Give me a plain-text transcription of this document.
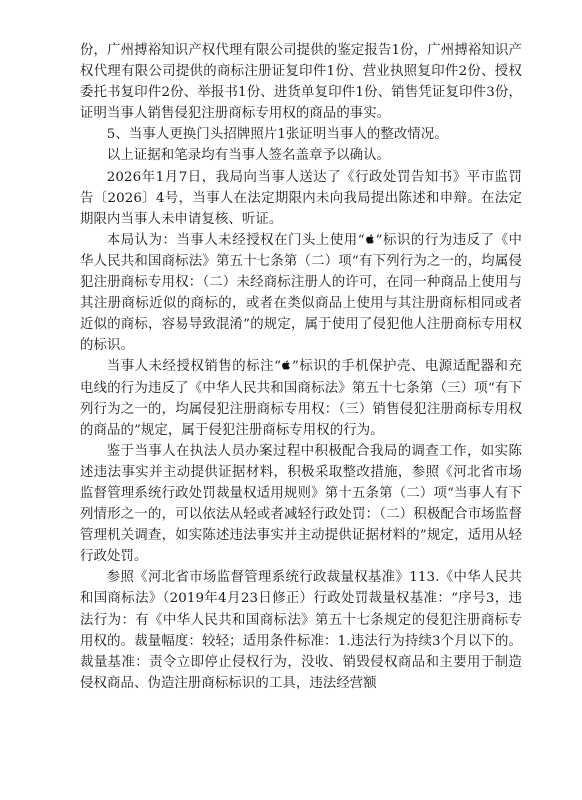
份，广州搏裕知识产权代理有限公司提供的鉴定报告1份，广州搏裕知识产权代理有限公司提供的商标注册证复印件1份、营业执照复印件2份、授权委托书复印件2份、举报书1份、进货单复印件1份、销售凭证复印件3份，证明当事人销售侵犯注册商标专用权的商品的事实。

5、当事人更换门头招牌照片1张证明当事人的整改情况。

以上证据和笔录均有当事人签名盖章予以确认。

2026年1月7日，我局向当事人送达了《行政处罚告知书》平市监罚告〔2026〕4号，当事人在法定期限内未向我局提出陈述和申辩。在法定期限内当事人未申请复核、听证。

本局认为：当事人未经授权在门头上使用“ ”标识的行为违反了《中华人民共和国商标法》第五十七条第（二）项“有下列行为之一的，均属侵犯注册商标专用权：（二）未经商标注册人的许可，在同一种商品上使用与其注册商标近似的商标的，或者在类似商品上使用与其注册商标相同或者近似的商标，容易导致混淆”的规定，属于使用了侵犯他人注册商标专用权的标识。

当事人未经授权销售的标注“ ”标识的手机保护壳、电源适配器和充电线的行为违反了《中华人民共和国商标法》第五十七条第（三）项“有下列行为之一的，均属侵犯注册商标专用权：（三）销售侵犯注册商标专用权的商品的”规定，属于侵犯注册商标专用权的行为。

鉴于当事人在执法人员办案过程中积极配合我局的调查工作，如实陈述违法事实并主动提供证据材料，积极采取整改措施，参照《河北省市场监督管理系统行政处罚裁量权适用规则》第十五条第（二）项“当事人有下列情形之一的，可以依法从轻或者减轻行政处罚：（二）积极配合市场监督管理机关调查，如实陈述违法事实并主动提供证据材料的”规定，适用从轻行政处罚。

参照《河北省市场监督管理系统行政裁量权基准》113.《中华人民共和国商标法》（2019年4月23日修正）行政处罚裁量权基准：“序号3，违法行为：有《中华人民共和国商标法》第五十七条规定的侵犯注册商标专用权的。裁量幅度：较轻；适用条件标准：1.违法行为持续3个月以下的。裁量基准：责令立即停止侵权行为，没收、销毁侵权商品和主要用于制造侵权商品、伪造注册商标标识的工具，违法经营额
